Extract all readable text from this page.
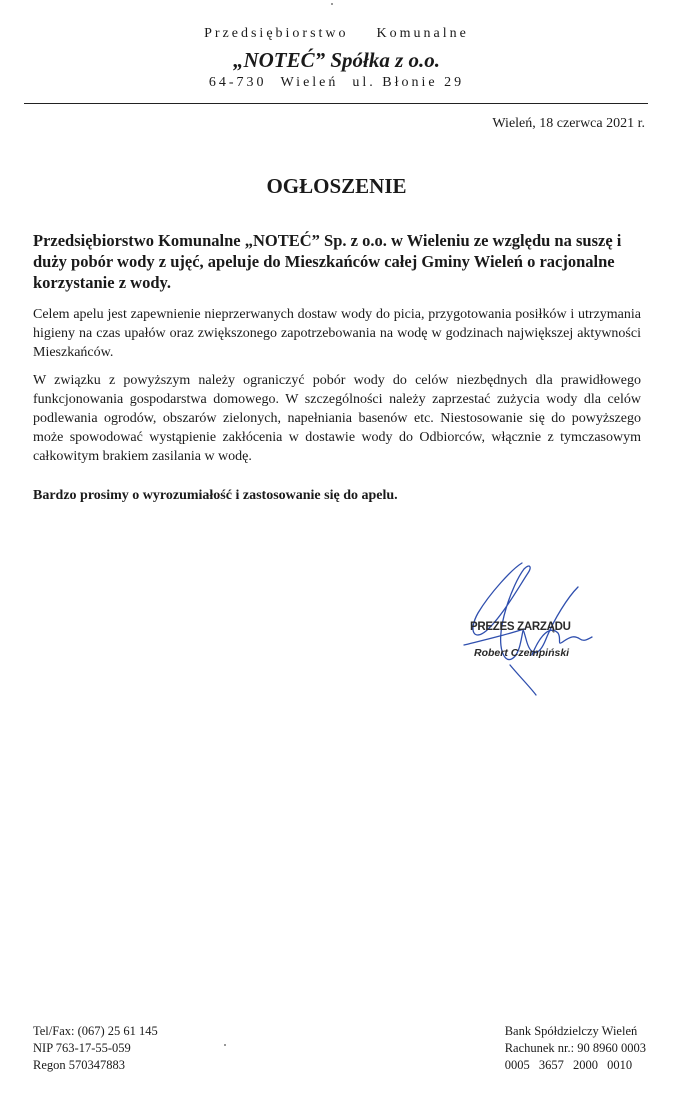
Przedsiębiorstwo Komunalne
„NOTEĆ” Spółka z o.o.
64-730 Wieleń ul. Błonie 29
Wieleń, 18 czerwca 2021 r.
OGŁOSZENIE
Przedsiębiorstwo Komunalne „NOTEĆ” Sp. z o.o. w Wieleniu ze względu na suszę i duży pobór wody z ujęć, apeluje do Mieszkańców całej Gminy Wieleń o racjonalne korzystanie z wody.
Celem apelu jest zapewnienie nieprzerwanych dostaw wody do picia, przygotowania posiłków i utrzymania higieny na czas upałów oraz zwiększonego zapotrzebowania na wodę w godzinach największej aktywności Mieszkańców.
W związku z powyższym należy ograniczyć pobór wody do celów niezbędnych dla prawidłowego funkcjonowania gospodarstwa domowego. W szczególności należy zaprzestać zużycia wody dla celów podlewania ogrodów, obszarów zielonych, napełniania basenów etc. Niestosowanie się do powyższego może spowodować wystąpienie zakłócenia w dostawie wody do Odbiorców, włącznie z tymczasowym całkowitym brakiem zasilania w wodę.
Bardzo prosimy o wyrozumiałość i zastosowanie się do apelu.
PREZES ZARZĄDU
Robert Czempiński
Tel/Fax: (067) 25 61 145
NIP 763-17-55-059
Regon 570347883
Bank Spółdzielczy Wieleń
Rachunek nr.: 90 8960 0003
0005 3657 2000 0010
